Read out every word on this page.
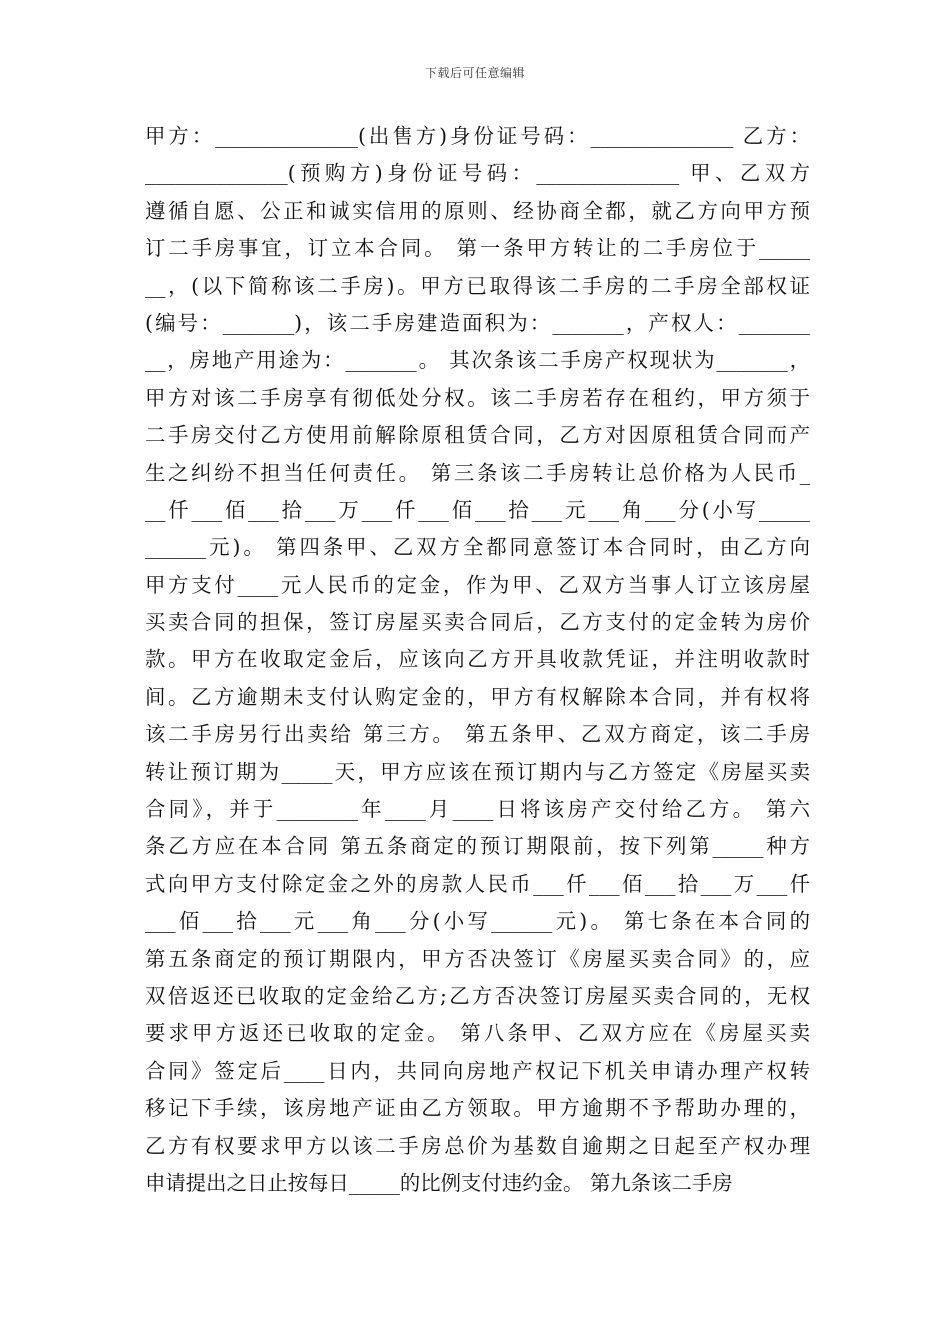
下载后可任意编辑
甲方：______________(出售方)身份证号码：______________ 乙方：
______________(预购方)身份证号码：______________ 甲、乙双方
遵循自愿、公正和诚实信用的原则、经协商全都，就乙方向甲方预
订二手房事宜，订立本合同。 第一条甲方转让的二手房位于_____
__，(以下简称该二手房)。甲方已取得该二手房的二手房全部权证
(编号：_______)，该二手房建造面积为：_______，产权人：_______
__，房地产用途为：_______。 其次条该二手房产权现状为_______，
甲方对该二手房享有彻低处分权。该二手房若存在租约，甲方须于
二手房交付乙方使用前解除原租赁合同，乙方对因原租赁合同而产
生之纠纷不担当任何责任。 第三条该二手房转让总价格为人民币_
__仟___佰___拾___万___仟___佰___拾___元___角___分(小写_____
______元)。 第四条甲、乙双方全都同意签订本合同时，由乙方向
甲方支付____元人民币的定金，作为甲、乙双方当事人订立该房屋
买卖合同的担保，签订房屋买卖合同后，乙方支付的定金转为房价
款。甲方在收取定金后，应该向乙方开具收款凭证，并注明收款时
间。乙方逾期未支付认购定金的，甲方有权解除本合同，并有权将
该二手房另行出卖给 第三方。 第五条甲、乙双方商定，该二手房
转让预订期为_____天，甲方应该在预订期内与乙方签定《房屋买卖
合同》，并于________年____月____日将该房产交付给乙方。 第六
条乙方应在本合同 第五条商定的预订期限前，按下列第_____种方
式向甲方支付除定金之外的房款人民币___仟___佰___拾___万___仟
___佰___拾___元___角___分(小写______元)。 第七条在本合同的
第五条商定的预订期限内，甲方否决签订《房屋买卖合同》的，应
双倍返还已收取的定金给乙方;乙方否决签订房屋买卖合同的，无权
要求甲方返还已收取的定金。 第八条甲、乙双方应在《房屋买卖
合同》签定后____日内，共同向房地产权记下机关申请办理产权转
移记下手续，该房地产证由乙方领取。甲方逾期不予帮助办理的，
乙方有权要求甲方以该二手房总价为基数自逾期之日起至产权办理
申请提出之日止按每日_____的比例支付违约金。 第九条该二手房
